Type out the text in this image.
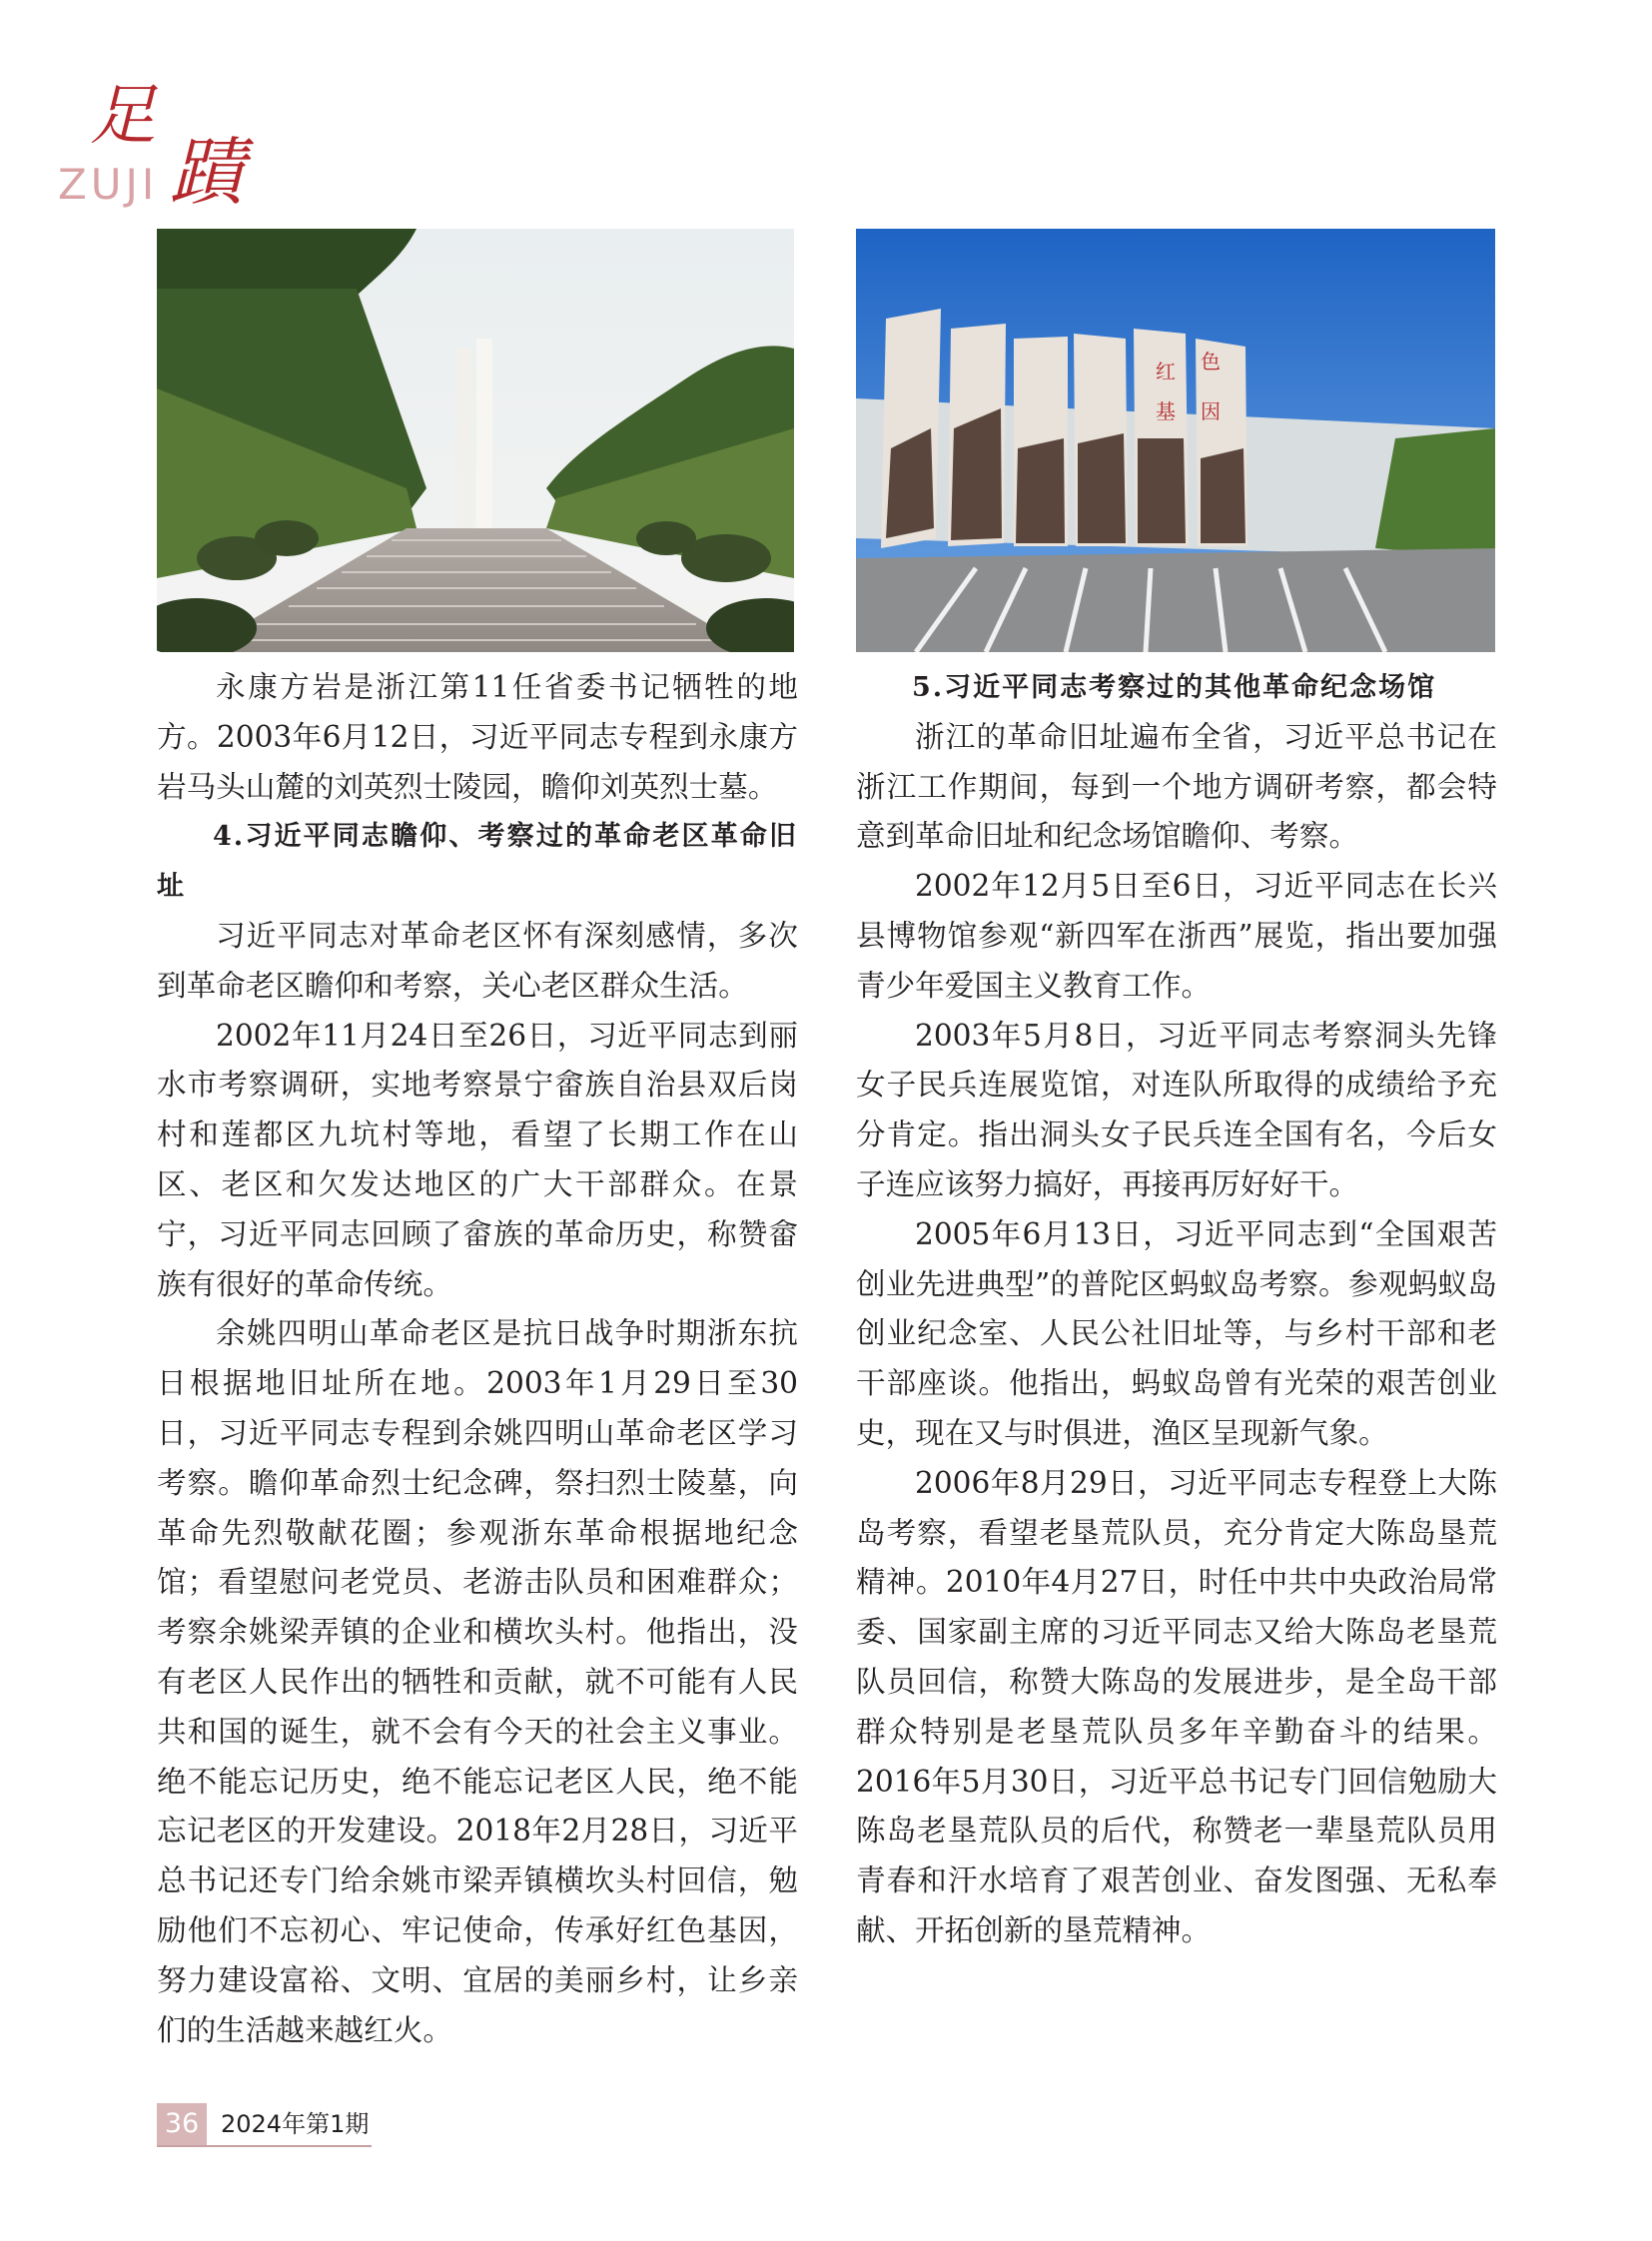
足
蹟
ZUJI
红 色
基 因

永康方岩是浙江第11任省委书记牺牲的地方。2003年6月12日，习近平同志专程到永康方岩马头山麓的刘英烈士陵园，瞻仰刘英烈士墓。

4.习近平同志瞻仰、考察过的革命老区革命旧址

习近平同志对革命老区怀有深刻感情，多次到革命老区瞻仰和考察，关心老区群众生活。

2002年11月24日至26日，习近平同志到丽水市考察调研，实地考察景宁畲族自治县双后岗村和莲都区九坑村等地，看望了长期工作在山区、老区和欠发达地区的广大干部群众。在景宁，习近平同志回顾了畲族的革命历史，称赞畲族有很好的革命传统。

余姚四明山革命老区是抗日战争时期浙东抗日根据地旧址所在地。2003年1月29日至30日，习近平同志专程到余姚四明山革命老区学习考察。瞻仰革命烈士纪念碑，祭扫烈士陵墓，向革命先烈敬献花圈；参观浙东革命根据地纪念馆；看望慰问老党员、老游击队员和困难群众；考察余姚梁弄镇的企业和横坎头村。他指出，没有老区人民作出的牺牲和贡献，就不可能有人民共和国的诞生，就不会有今天的社会主义事业。绝不能忘记历史，绝不能忘记老区人民，绝不能忘记老区的开发建设。2018年2月28日，习近平总书记还专门给余姚市梁弄镇横坎头村回信，勉励他们不忘初心、牢记使命，传承好红色基因，努力建设富裕、文明、宜居的美丽乡村，让乡亲们的生活越来越红火。

5.习近平同志考察过的其他革命纪念场馆

浙江的革命旧址遍布全省，习近平总书记在浙江工作期间，每到一个地方调研考察，都会特意到革命旧址和纪念场馆瞻仰、考察。

2002年12月5日至6日，习近平同志在长兴县博物馆参观“新四军在浙西”展览，指出要加强青少年爱国主义教育工作。

2003年5月8日，习近平同志考察洞头先锋女子民兵连展览馆，对连队所取得的成绩给予充分肯定。指出洞头女子民兵连全国有名，今后女子连应该努力搞好，再接再厉好好干。

2005年6月13日，习近平同志到“全国艰苦创业先进典型”的普陀区蚂蚁岛考察。参观蚂蚁岛创业纪念室、人民公社旧址等，与乡村干部和老干部座谈。他指出，蚂蚁岛曾有光荣的艰苦创业史，现在又与时俱进，渔区呈现新气象。

2006年8月29日，习近平同志专程登上大陈岛考察，看望老垦荒队员，充分肯定大陈岛垦荒精神。2010年4月27日，时任中共中央政治局常委、国家副主席的习近平同志又给大陈岛老垦荒队员回信，称赞大陈岛的发展进步，是全岛干部群众特别是老垦荒队员多年辛勤奋斗的结果。2016年5月30日，习近平总书记专门回信勉励大陈岛老垦荒队员的后代，称赞老一辈垦荒队员用青春和汗水培育了艰苦创业、奋发图强、无私奉献、开拓创新的垦荒精神。

36 2024年第1期
